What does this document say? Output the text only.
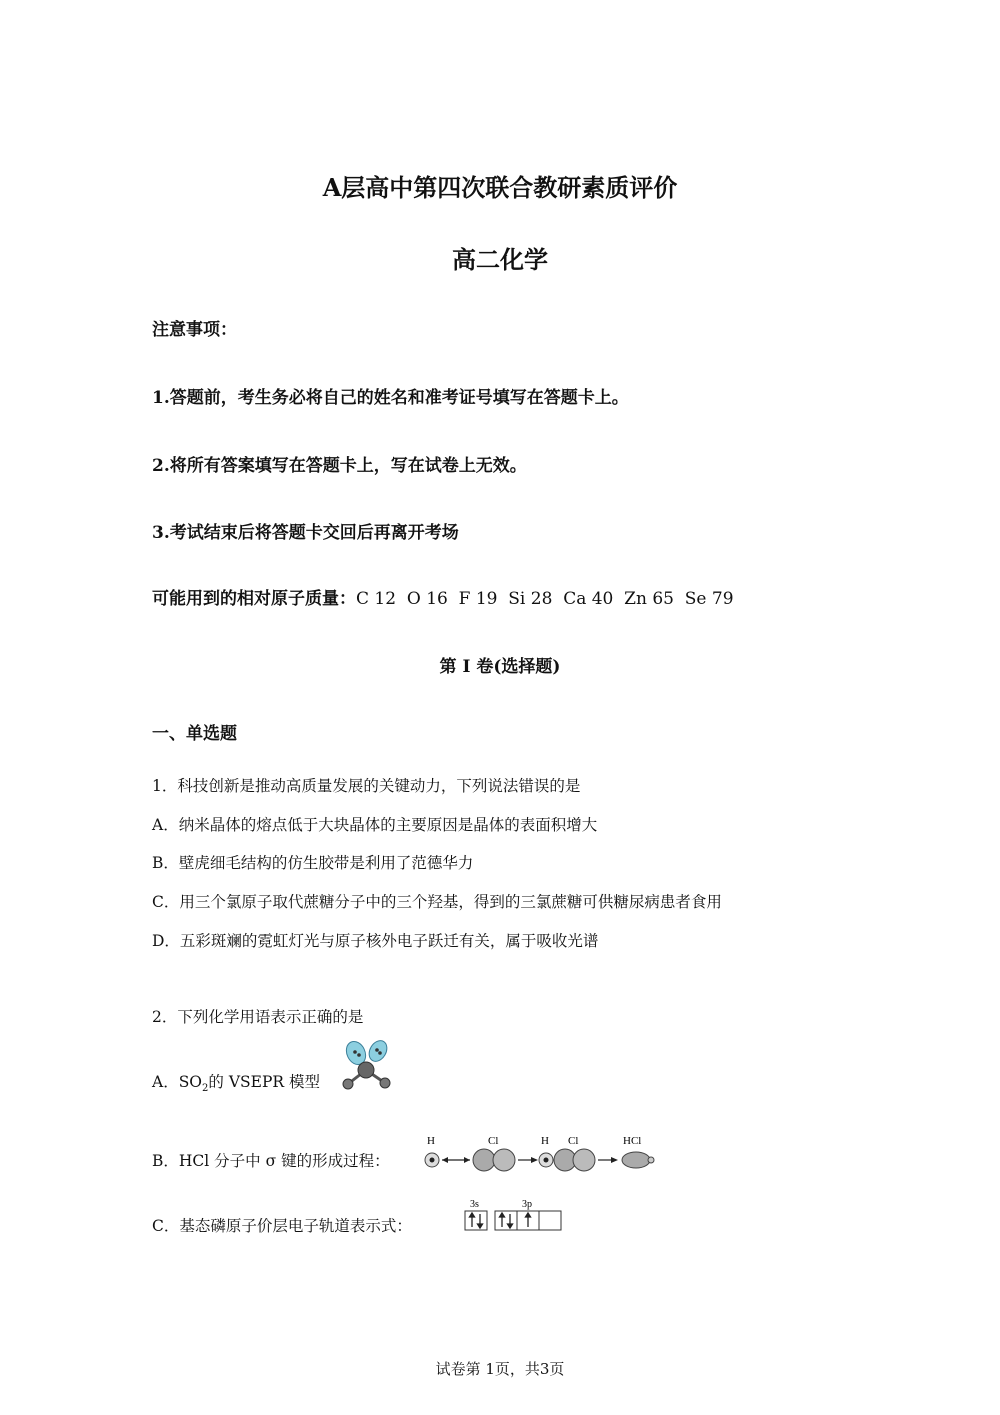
A层高中第四次联合教研素质评价
高二化学
注意事项：
1.答题前，考生务必将自己的姓名和准考证号填写在答题卡上。
2.将所有答案填写在答题卡上，写在试卷上无效。
3.考试结束后将答题卡交回后再离开考场
可能用到的相对原子质量：C 12  O 16  F 19  Si 28  Ca 40  Zn 65  Se 79
第 I 卷(选择题)
一、单选题
1．科技创新是推动高质量发展的关键动力，下列说法错误的是
A．纳米晶体的熔点低于大块晶体的主要原因是晶体的表面积增大
B．壁虎细毛结构的仿生胶带是利用了范德华力
C．用三个氯原子取代蔗糖分子中的三个羟基，得到的三氯蔗糖可供糖尿病患者食用
D．五彩斑斓的霓虹灯光与原子核外电子跃迁有关，属于吸收光谱
2．下列化学用语表示正确的是
A．$SO_2$的 VSEPR 模型
B．HCl 分子中 σ 键的形成过程：
H	Cl	H Cl	HCl
C．基态磷原子价层电子轨道表示式：
3s	3p
试卷第 1页，共3页
